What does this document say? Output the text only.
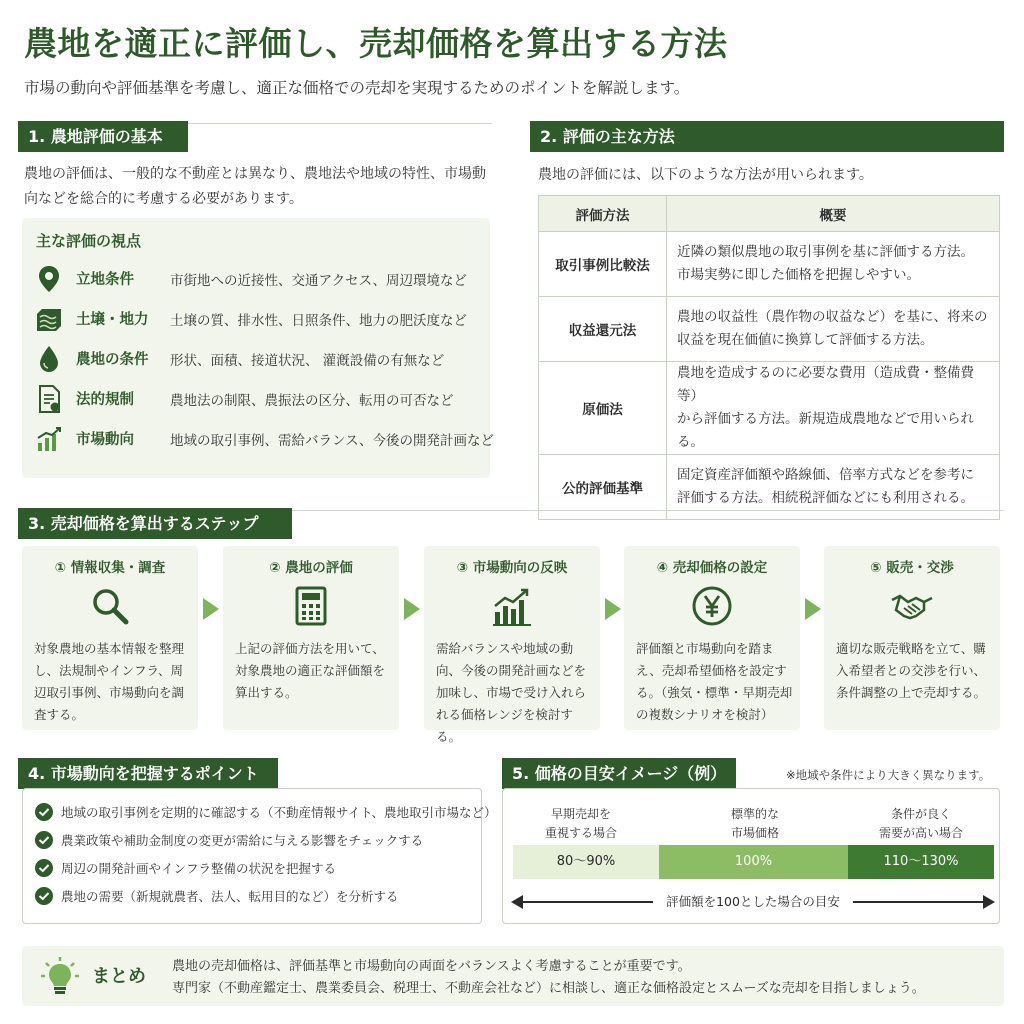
農地を適正に評価し、売却価格を算出する方法
市場の動向や評価基準を考慮し、適正な価格での売却を実現するためのポイントを解説します。
1. 農地評価の基本
農地の評価は、一般的な不動産とは異なり、農地法や地域の特性、市場動向などを総合的に考慮する必要があります。
主な評価の視点
立地条件	市街地への近接性、交通アクセス、周辺環境など
土壌・地力 土壌の質、排水性、日照条件、地力の肥沃度など
農地の条件 形状、面積、接道状況、 灌漑設備の有無など
法的規制	農地法の制限、農振法の区分、転用の可否など
市場動向	地域の取引事例、需給バランス、今後の開発計画など
2. 評価の主な方法
農地の評価には、以下のような方法が用いられます。
評価方法	概要
取引事例比較法	近隣の類似農地の取引事例を基に評価する方法。
市場実勢に即した価格を把握しやすい。
収益還元法	農地の収益性（農作物の収益など）を基に、将来の
収益を現在価値に換算して評価する方法。
原価法	農地を造成するのに必要な費用（造成費・整備費等）
から評価する方法。新規造成農地などで用いられる。
公的評価基準	固定資産評価額や路線価、倍率方式などを参考に
評価する方法。相続税評価などにも利用される。
3. 売却価格を算出するステップ
① 情報収集・調査
対象農地の基本情報を整理し、法規制やインフラ、周辺取引事例、市場動向を調査する。
② 農地の評価
上記の評価方法を用いて、対象農地の適正な評価額を算出する。
③ 市場動向の反映
需給バランスや地域の動向、今後の開発計画などを加味し、市場で受け入れられる価格レンジを検討する。
④ 売却価格の設定
評価額と市場動向を踏まえ、売却希望価格を設定する。（強気・標準・早期売却の複数シナリオを検討）
⑤ 販売・交渉
適切な販売戦略を立て、購入希望者との交渉を行い、条件調整の上で売却する。
4. 市場動向を把握するポイント
地域の取引事例を定期的に確認する（不動産情報サイト、農地取引市場など）
農業政策や補助金制度の変更が需給に与える影響をチェックする
周辺の開発計画やインフラ整備の状況を把握する
農地の需要（新規就農者、法人、転用目的など）を分析する
5. 価格の目安イメージ（例）	※地域や条件により大きく異なります。
早期売却を
重視する場合
標準的な
市場価格
条件が良く
需要が高い場合
80〜90%	100%	110〜130%
評価額を100とした場合の目安
まとめ 農地の売却価格は、評価基準と市場動向の両面をバランスよく考慮することが重要です。
専門家（不動産鑑定士、農業委員会、税理士、不動産会社など）に相談し、適正な価格設定とスムーズな売却を目指しましょう。
